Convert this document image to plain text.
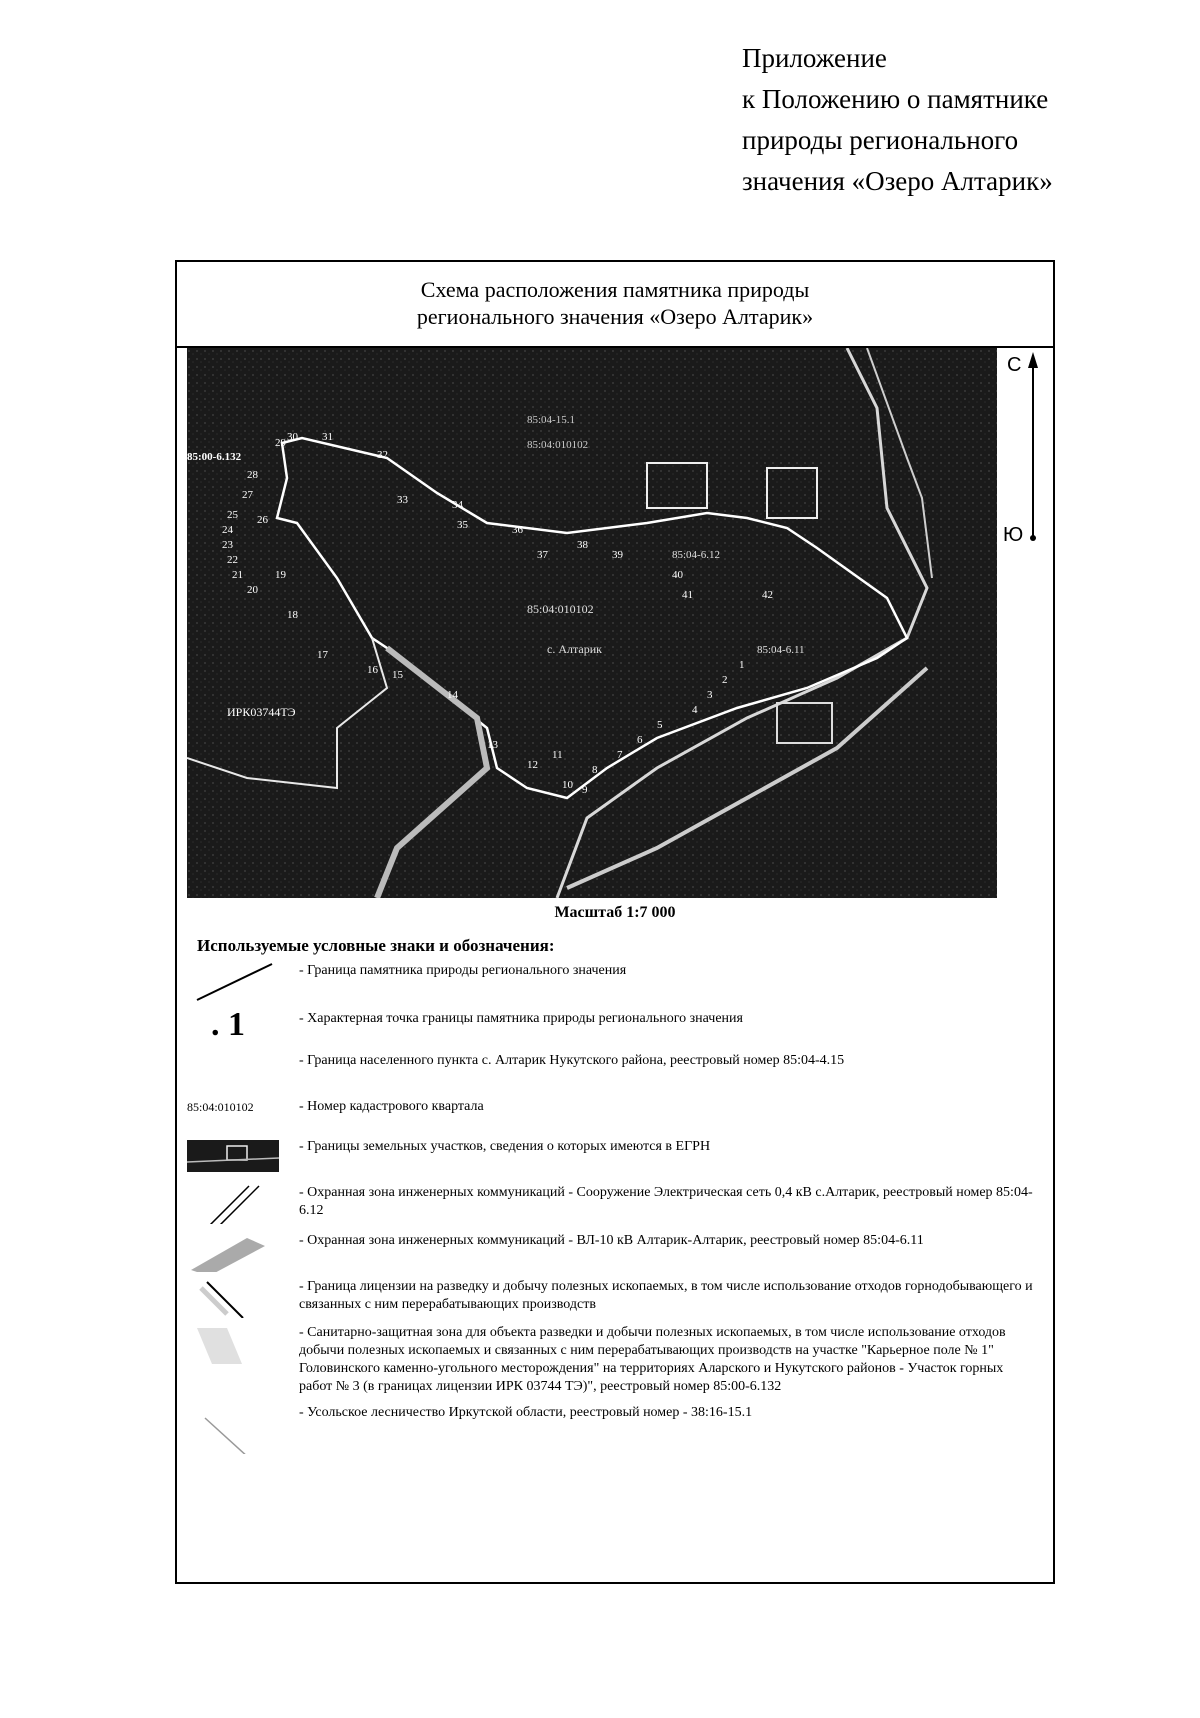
Приложение
к Положению о памятнике
природы регионального
значения «Озеро Алтарик»
Схема расположения памятника природы
регионального значения «Озеро Алтарик»
85:04-15.1
85:04:010102
85:00-6.132
85:04:010102
с. Алтарик	85:04-6.11
85:04-6.12
ИРК03744ТЭ
1
2
3
4
5
6
7
8
9
10
11
12
13
14
15
16
17
18
19
20
21
22
23
24
25 26
27
28
29 30 31
32
33	34
35	36
37
38
39
40
41	42
С
Ю
Масштаб 1:7 000
Используемые условные знаки и обозначения:
- Граница памятника природы регионального значения
. 1	- Характерная точка границы памятника природы регионального значения
- Граница населенного пункта с. Алтарик Нукутского района, реестровый номер 85:04-4.15
85:04:010102	- Номер кадастрового квартала
- Границы земельных участков, сведения о которых имеются в ЕГРН
- Охранная зона инженерных коммуникаций - Сооружение Электрическая сеть 0,4 кВ с.Алтарик, реестровый номер 85:04-6.12
- Охранная зона инженерных коммуникаций - ВЛ-10 кВ Алтарик-Алтарик, реестровый номер 85:04-6.11
- Граница лицензии на разведку и добычу полезных ископаемых, в том числе использование отходов горнодобывающего и связанных с ним перерабатывающих производств
- Санитарно-защитная зона для объекта разведки и добычи полезных ископаемых, в том числе использование отходов добычи полезных ископаемых и связанных с ним перерабатывающих производств на участке "Карьерное поле № 1" Головинского каменно-угольного месторождения" на территориях Аларского и Нукутского районов - Участок горных работ № 3 (в границах лицензии ИРК 03744 ТЭ)", реестровый номер 85:00-6.132
- Усольское лесничество Иркутской области, реестровый номер - 38:16-15.1
